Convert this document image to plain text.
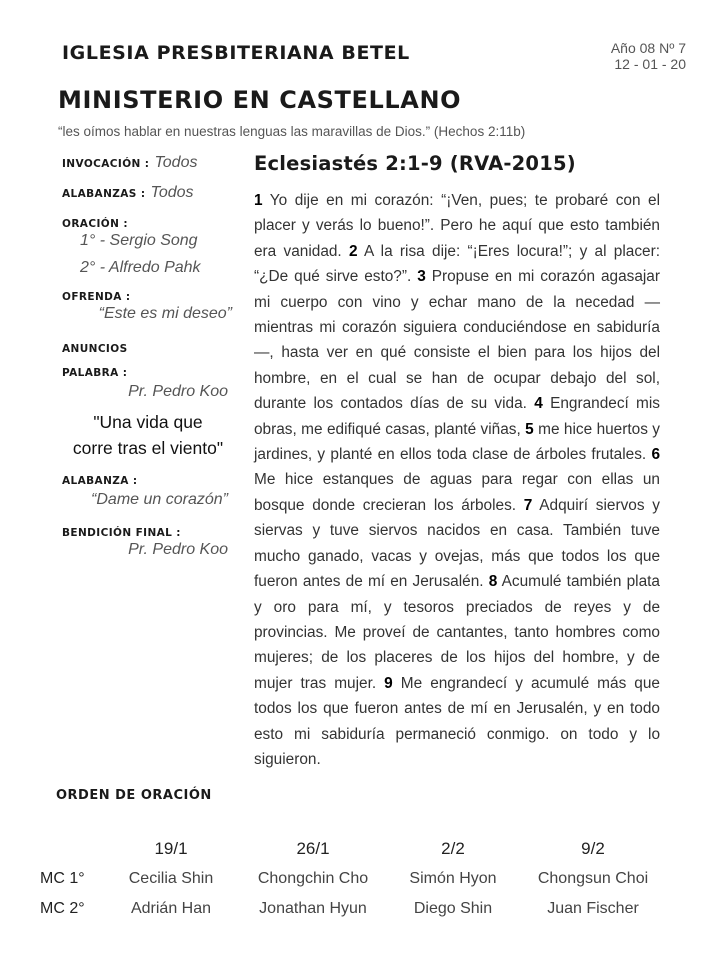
IGLESIA PRESBITERIANA BETEL	Año 08 Nº 7
12 - 01 - 20
MINISTERIO EN CASTELLANO
“les oímos hablar en nuestras lenguas las maravillas de Dios.” (Hechos 2:11b)
INVOCACIÓN : Todos
ALABANZAS : Todos
ORACIÓN :
1° - Sergio Song
2° - Alfredo Pahk
OFRENDA :
“Este es mi deseo”
ANUNCIOS
PALABRA :
Pr. Pedro Koo
"Una vida que
corre tras el viento"
ALABANZA :
“Dame un corazón”
BENDICIÓN FINAL :
Pr. Pedro Koo
Eclesiastés 2:1-9 (RVA-2015)
1 Yo dije en mi corazón: “¡Ven, pues; te probaré con el placer y verás lo bueno!”. Pero he aquí que esto también era vanidad. 2 A la risa dije: “¡Eres locura!”; y al placer: “¿De qué sirve esto?”. 3 Propuse en mi corazón agasajar mi cuerpo con vino y echar mano de la necedad —mientras mi corazón siguiera conduciéndose en sabiduría—, hasta ver en qué consiste el bien para los hijos del hombre, en el cual se han de ocupar debajo del sol, durante los contados días de su vida. 4 Engrandecí mis obras, me edifiqué casas, planté viñas, 5 me hice huertos y jardines, y planté en ellos toda clase de árboles frutales. 6 Me hice estanques de aguas para regar con ellas un bosque donde crecieran los árboles. 7 Adquirí siervos y siervas y tuve siervos nacidos en casa. También tuve mucho ganado, vacas y ovejas, más que todos los que fueron antes de mí en Jerusalén. 8 Acumulé también plata y oro para mí, y tesoros preciados de reyes y de provincias. Me proveí de cantantes, tanto hombres como mujeres; de los placeres de los hijos del hombre, y de mujer tras mujer. 9 Me engrandecí y acumulé más que todos los que fueron antes de mí en Jerusalén, y en todo esto mi sabiduría permaneció conmigo. on todo y lo siguieron.
ORDEN DE ORACIÓN
	19/1	26/1	2/2	9/2
MC 1°	Cecilia Shin	Chongchin Cho	Simón Hyon	Chongsun Choi
MC 2°	Adrián Han	Jonathan Hyun	Diego Shin	Juan Fischer
